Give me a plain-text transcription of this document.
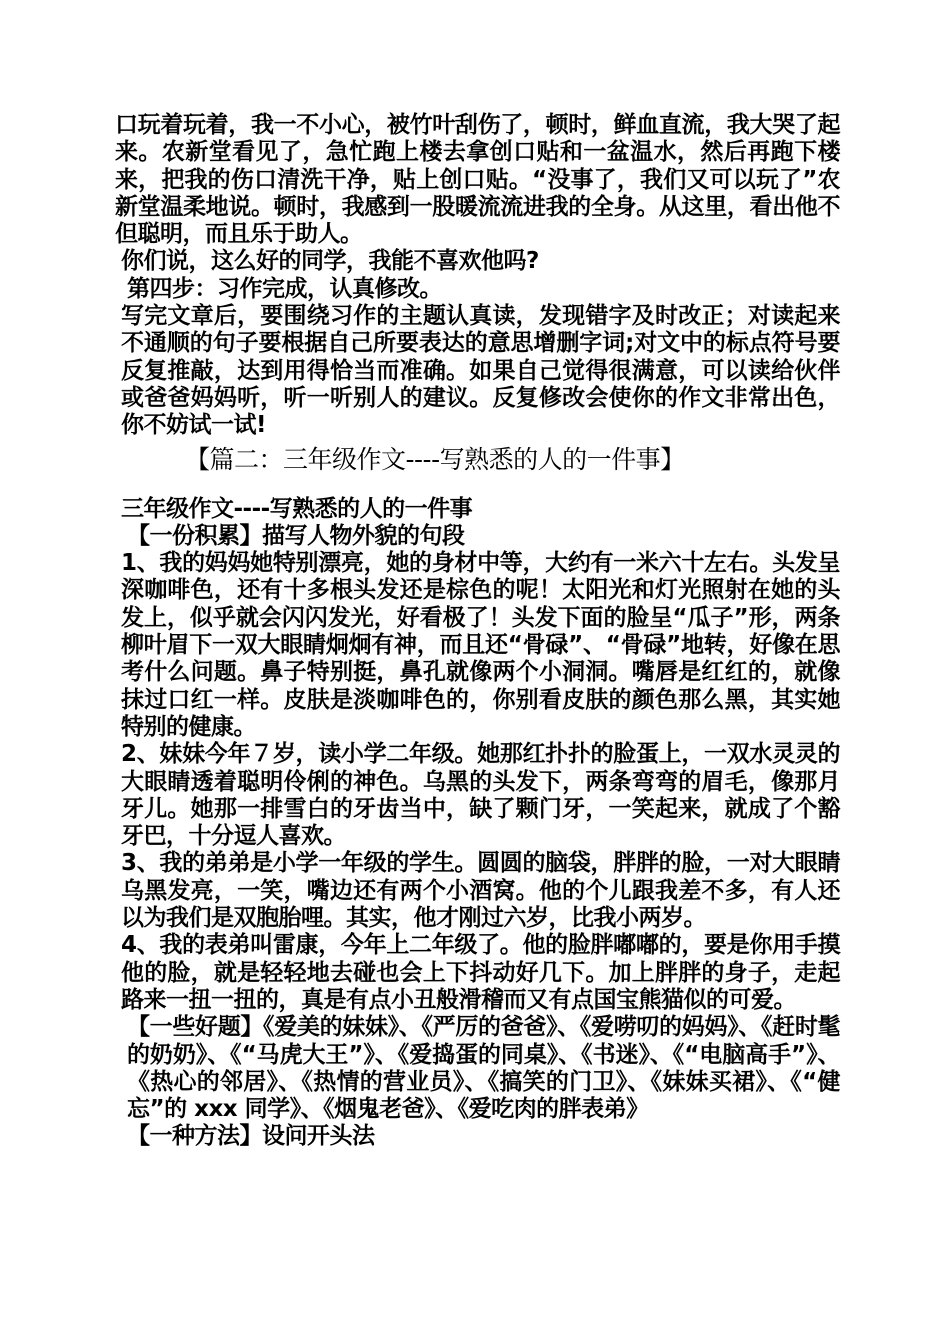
口玩着玩着，我一不小心，被竹叶刮伤了，顿时，鲜血直流，我大哭了起来。农新堂看见了，急忙跑上楼去拿创口贴和一盆温水，然后再跑下楼来，把我的伤口清洗干净，贴上创口贴。“没事了，我们又可以玩了”农新堂温柔地说。顿时，我感到一股暖流流进我的全身。从这里，看出他不但聪明，而且乐于助人。

你们说，这么好的同学，我能不喜欢他吗?

第四步：习作完成，认真修改。

写完文章后，要围绕习作的主题认真读，发现错字及时改正；对读起来不通顺的句子要根据自己所要表达的意思增删字词;对文中的标点符号要反复推敲，达到用得恰当而准确。如果自己觉得很满意，可以读给伙伴或爸爸妈妈听，听一听别人的建议。反复修改会使你的作文非常出色，你不妨试一试!

【篇二：三年级作文----写熟悉的人的一件事】

三年级作文----写熟悉的人的一件事

【一份积累】描写人物外貌的句段

1、我的妈妈她特别漂亮，她的身材中等，大约有一米六十左右。头发呈深咖啡色，还有十多根头发还是棕色的呢！太阳光和灯光照射在她的头发上，似乎就会闪闪发光，好看极了！头发下面的脸呈“瓜子”形，两条柳叶眉下一双大眼睛炯炯有神，而且还“骨碌”、“骨碌”地转，好像在思考什么问题。鼻子特别挺，鼻孔就像两个小洞洞。嘴唇是红红的，就像抹过口红一样。皮肤是淡咖啡色的，你别看皮肤的颜色那么黑，其实她特别的健康。

2、妹妹今年７岁，读小学二年级。她那红扑扑的脸蛋上，一双水灵灵的大眼睛透着聪明伶俐的神色。乌黑的头发下，两条弯弯的眉毛，像那月牙儿。她那一排雪白的牙齿当中，缺了颗门牙，一笑起来，就成了个豁牙巴，十分逗人喜欢。

3、我的弟弟是小学一年级的学生。圆圆的脑袋，胖胖的脸，一对大眼睛乌黑发亮，一笑，嘴边还有两个小酒窝。他的个儿跟我差不多，有人还以为我们是双胞胎哩。其实，他才刚过六岁，比我小两岁。

4、我的表弟叫雷康，今年上二年级了。他的脸胖嘟嘟的，要是你用手摸他的脸，就是轻轻地去碰也会上下抖动好几下。加上胖胖的身子，走起路来一扭一扭的，真是有点小丑般滑稽而又有点国宝熊猫似的可爱。

【一些好题】《爱美的妹妹》、《严厉的爸爸》、《爱唠叨的妈妈》、《赶时髦的奶奶》、《“马虎大王”》、《爱捣蛋的同桌》、《书迷》、《“电脑高手”》、《热心的邻居》、《热情的营业员》、《搞笑的门卫》、《妹妹买裙》、《“健忘”的 xxx 同学》、《烟鬼老爸》、《爱吃肉的胖表弟》

【一种方法】设问开头法
